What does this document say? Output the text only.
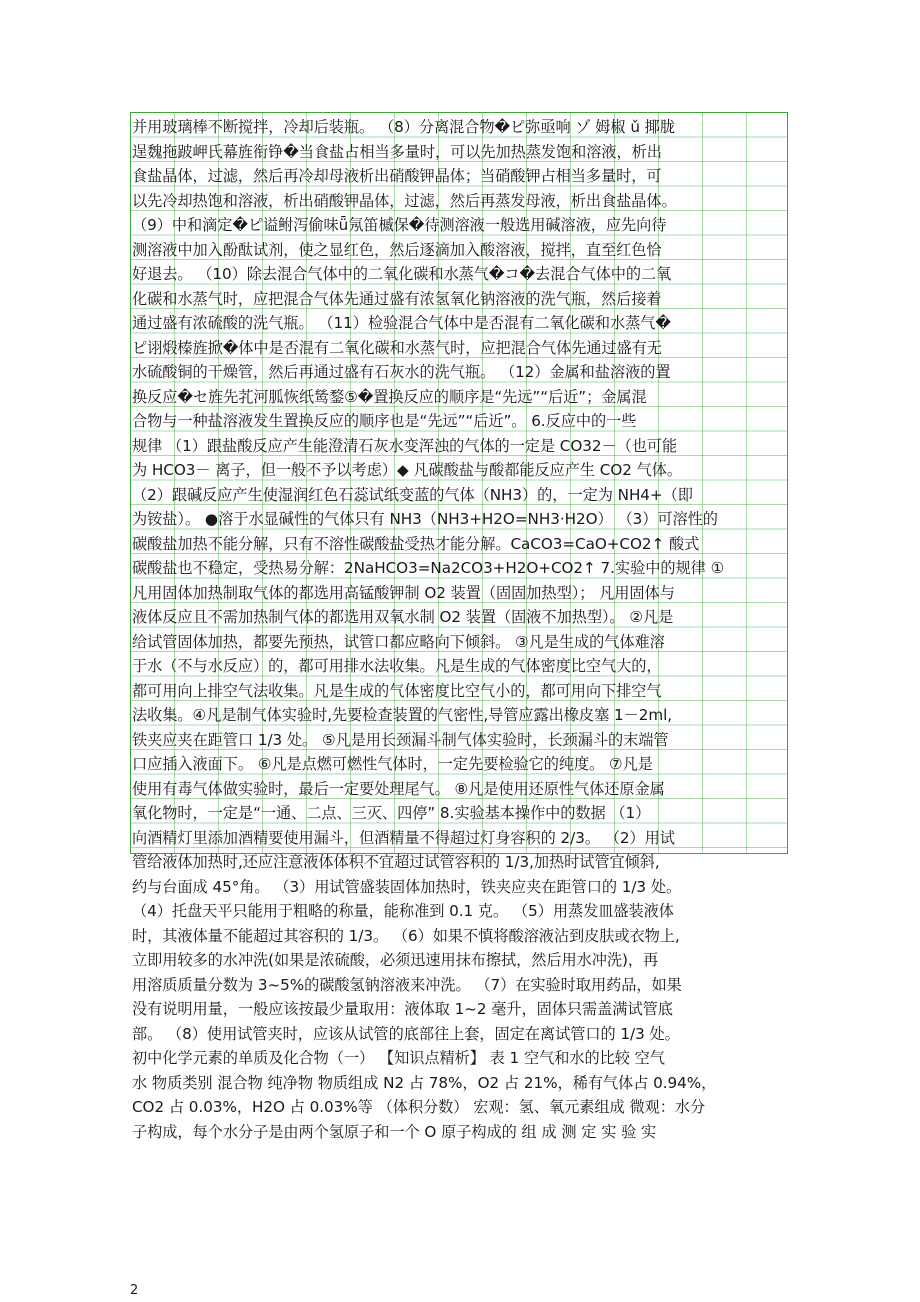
并用玻璃棒不断搅拌，冷却后装瓶。 （8）分离混合物�ピ弥亟响 ゾ 姆椒 ǔ 揶胧
逞魏拖跛岬氏幕旌衔铮�当食盐占相当多量时，可以先加热蒸发饱和溶液，析出
食盐晶体，过滤，然后再冷却母液析出硝酸钾晶体；当硝酸钾占相当多量时，可
以先冷却热饱和溶液，析出硝酸钾晶体，过滤，然后再蒸发母液，析出食盐晶体。
（9）中和滴定�ピ谥鲋泻偷味ǖ氖笛槭保�待测溶液一般选用碱溶液，应先向待
测溶液中加入酚酞试剂，使之显红色，然后逐滴加入酸溶液，搅拌，直至红色恰
好退去。 （10）除去混合气体中的二氧化碳和水蒸气�コ�去混合气体中的二氧
化碳和水蒸气时，应把混合气体先通过盛有浓氢氧化钠溶液的洗气瓶，然后接着
通过盛有浓硫酸的洗气瓶。 （11）检验混合气体中是否混有二氧化碳和水蒸气�
ピ诩煅榛旌掀�体中是否混有二氧化碳和水蒸气时，应把混合气体先通过盛有无
水硫酸铜的干燥管，然后再通过盛有石灰水的洗气瓶。 （12）金属和盐溶液的置
换反应�セ旌先芤河胍恢纸鸶鍪⑤�置换反应的顺序是“先远”“后近”；金属混
合物与一种盐溶液发生置换反应的顺序也是“先远”“后近”。 6.反应中的一些
规律 （1）跟盐酸反应产生能澄清石灰水变浑浊的气体的一定是 CO32－（也可能
为 HCO3－ 离子，但一般不予以考虑）◆ 凡碳酸盐与酸都能反应产生 CO2 气体。
（2）跟碱反应产生使湿润红色石蕊试纸变蓝的气体（NH3）的，一定为 NH4+（即
为铵盐）。 ●溶于水显碱性的气体只有 NH3（NH3+H2O=NH3·H2O） （3）可溶性的
碳酸盐加热不能分解，只有不溶性碳酸盐受热才能分解。CaCO3=CaO+CO2↑ 酸式
碳酸盐也不稳定，受热易分解：2NaHCO3=Na2CO3+H2O+CO2↑ 7.实验中的规律 ①
凡用固体加热制取气体的都选用高锰酸钾制 O2 装置（固固加热型）； 凡用固体与
液体反应且不需加热制气体的都选用双氧水制 O2 装置（固液不加热型）。 ②凡是
给试管固体加热，都要先预热，试管口都应略向下倾斜。 ③凡是生成的气体难溶
于水（不与水反应）的，都可用排水法收集。凡是生成的气体密度比空气大的，
都可用向上排空气法收集。凡是生成的气体密度比空气小的，都可用向下排空气
法收集。④凡是制气体实验时,先要检查装置的气密性,导管应露出橡皮塞 1－2ml,
铁夹应夹在距管口 1/3 处。 ⑤凡是用长颈漏斗制气体实验时，长颈漏斗的末端管
口应插入液面下。 ⑥凡是点燃可燃性气体时，一定先要检验它的纯度。 ⑦凡是
使用有毒气体做实验时，最后一定要处理尾气。 ⑧凡是使用还原性气体还原金属
氧化物时，一定是“一通、二点、三灭、四停” 8.实验基本操作中的数据 （1）
向酒精灯里添加酒精要使用漏斗，但酒精量不得超过灯身容积的 2/3。 （2）用试
管给液体加热时,还应注意液体体积不宜超过试管容积的 1/3,加热时试管宜倾斜,
约与台面成 45°角。 （3）用试管盛装固体加热时，铁夹应夹在距管口的 1/3 处。
（4）托盘天平只能用于粗略的称量，能称准到 0.1 克。 （5）用蒸发皿盛装液体
时，其液体量不能超过其容积的 1/3。 （6）如果不慎将酸溶液沾到皮肤或衣物上,
立即用较多的水冲洗(如果是浓硫酸，必须迅速用抹布擦拭，然后用水冲洗)，再
用溶质质量分数为 3~5%的碳酸氢钠溶液来冲洗。 （7）在实验时取用药品，如果
没有说明用量，一般应该按最少量取用：液体取 1~2 毫升，固体只需盖满试管底
部。 （8）使用试管夹时，应该从试管的底部往上套，固定在离试管口的 1/3 处。
初中化学元素的单质及化合物（一） 【知识点精析】 表 1 空气和水的比较 空气
水 物质类别 混合物 纯净物 物质组成 N2 占 78%，O2 占 21%，稀有气体占 0.94%，
CO2 占 0.03%，H2O 占 0.03%等 （体积分数） 宏观：氢、氧元素组成 微观：水分
子构成，每个水分子是由两个氢原子和一个 O 原子构成的 组 成 测 定 实 验 实
2
